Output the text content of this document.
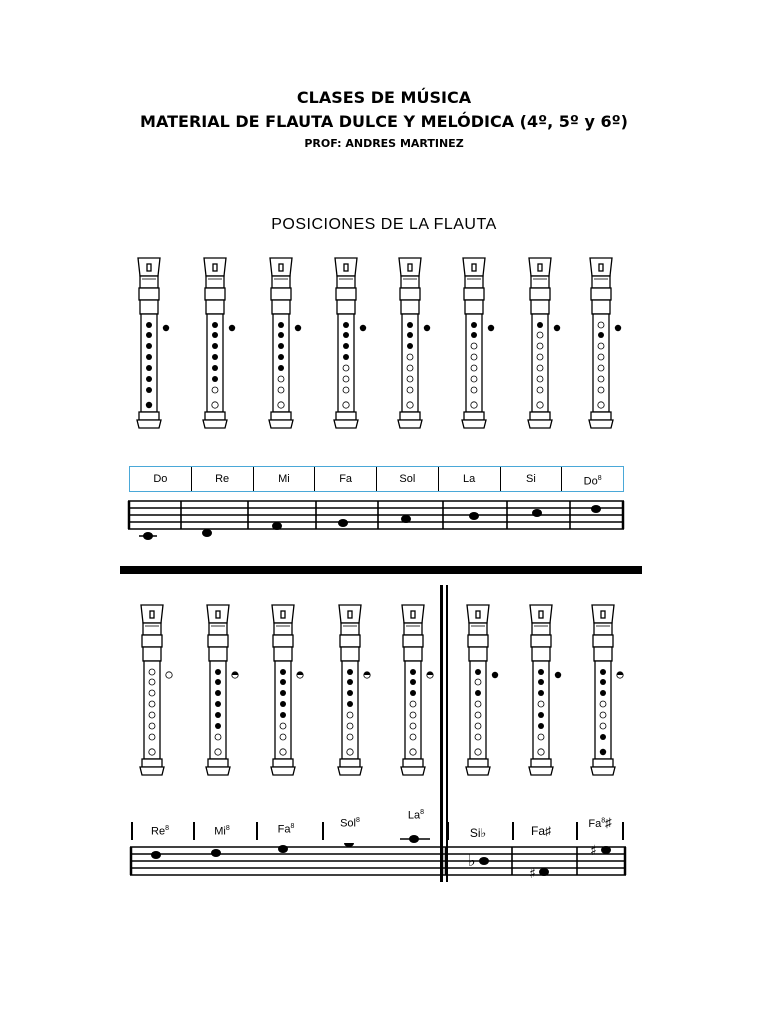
CLASES DE MÚSICA
MATERIAL DE FLAUTA DULCE Y MELÓDICA (4º, 5º y 6º)
PROF: ANDRES MARTINEZ
POSICIONES DE LA FLAUTA
Do	Re	Mi	Fa	Sol	La	Si	Do$^8$
Re$^8$	Mi$^8$	Fa$^8$	Sol$^8$	La$^8$
Si♭	Fa♯	Fa$^8$♯
♭
♯
♯
